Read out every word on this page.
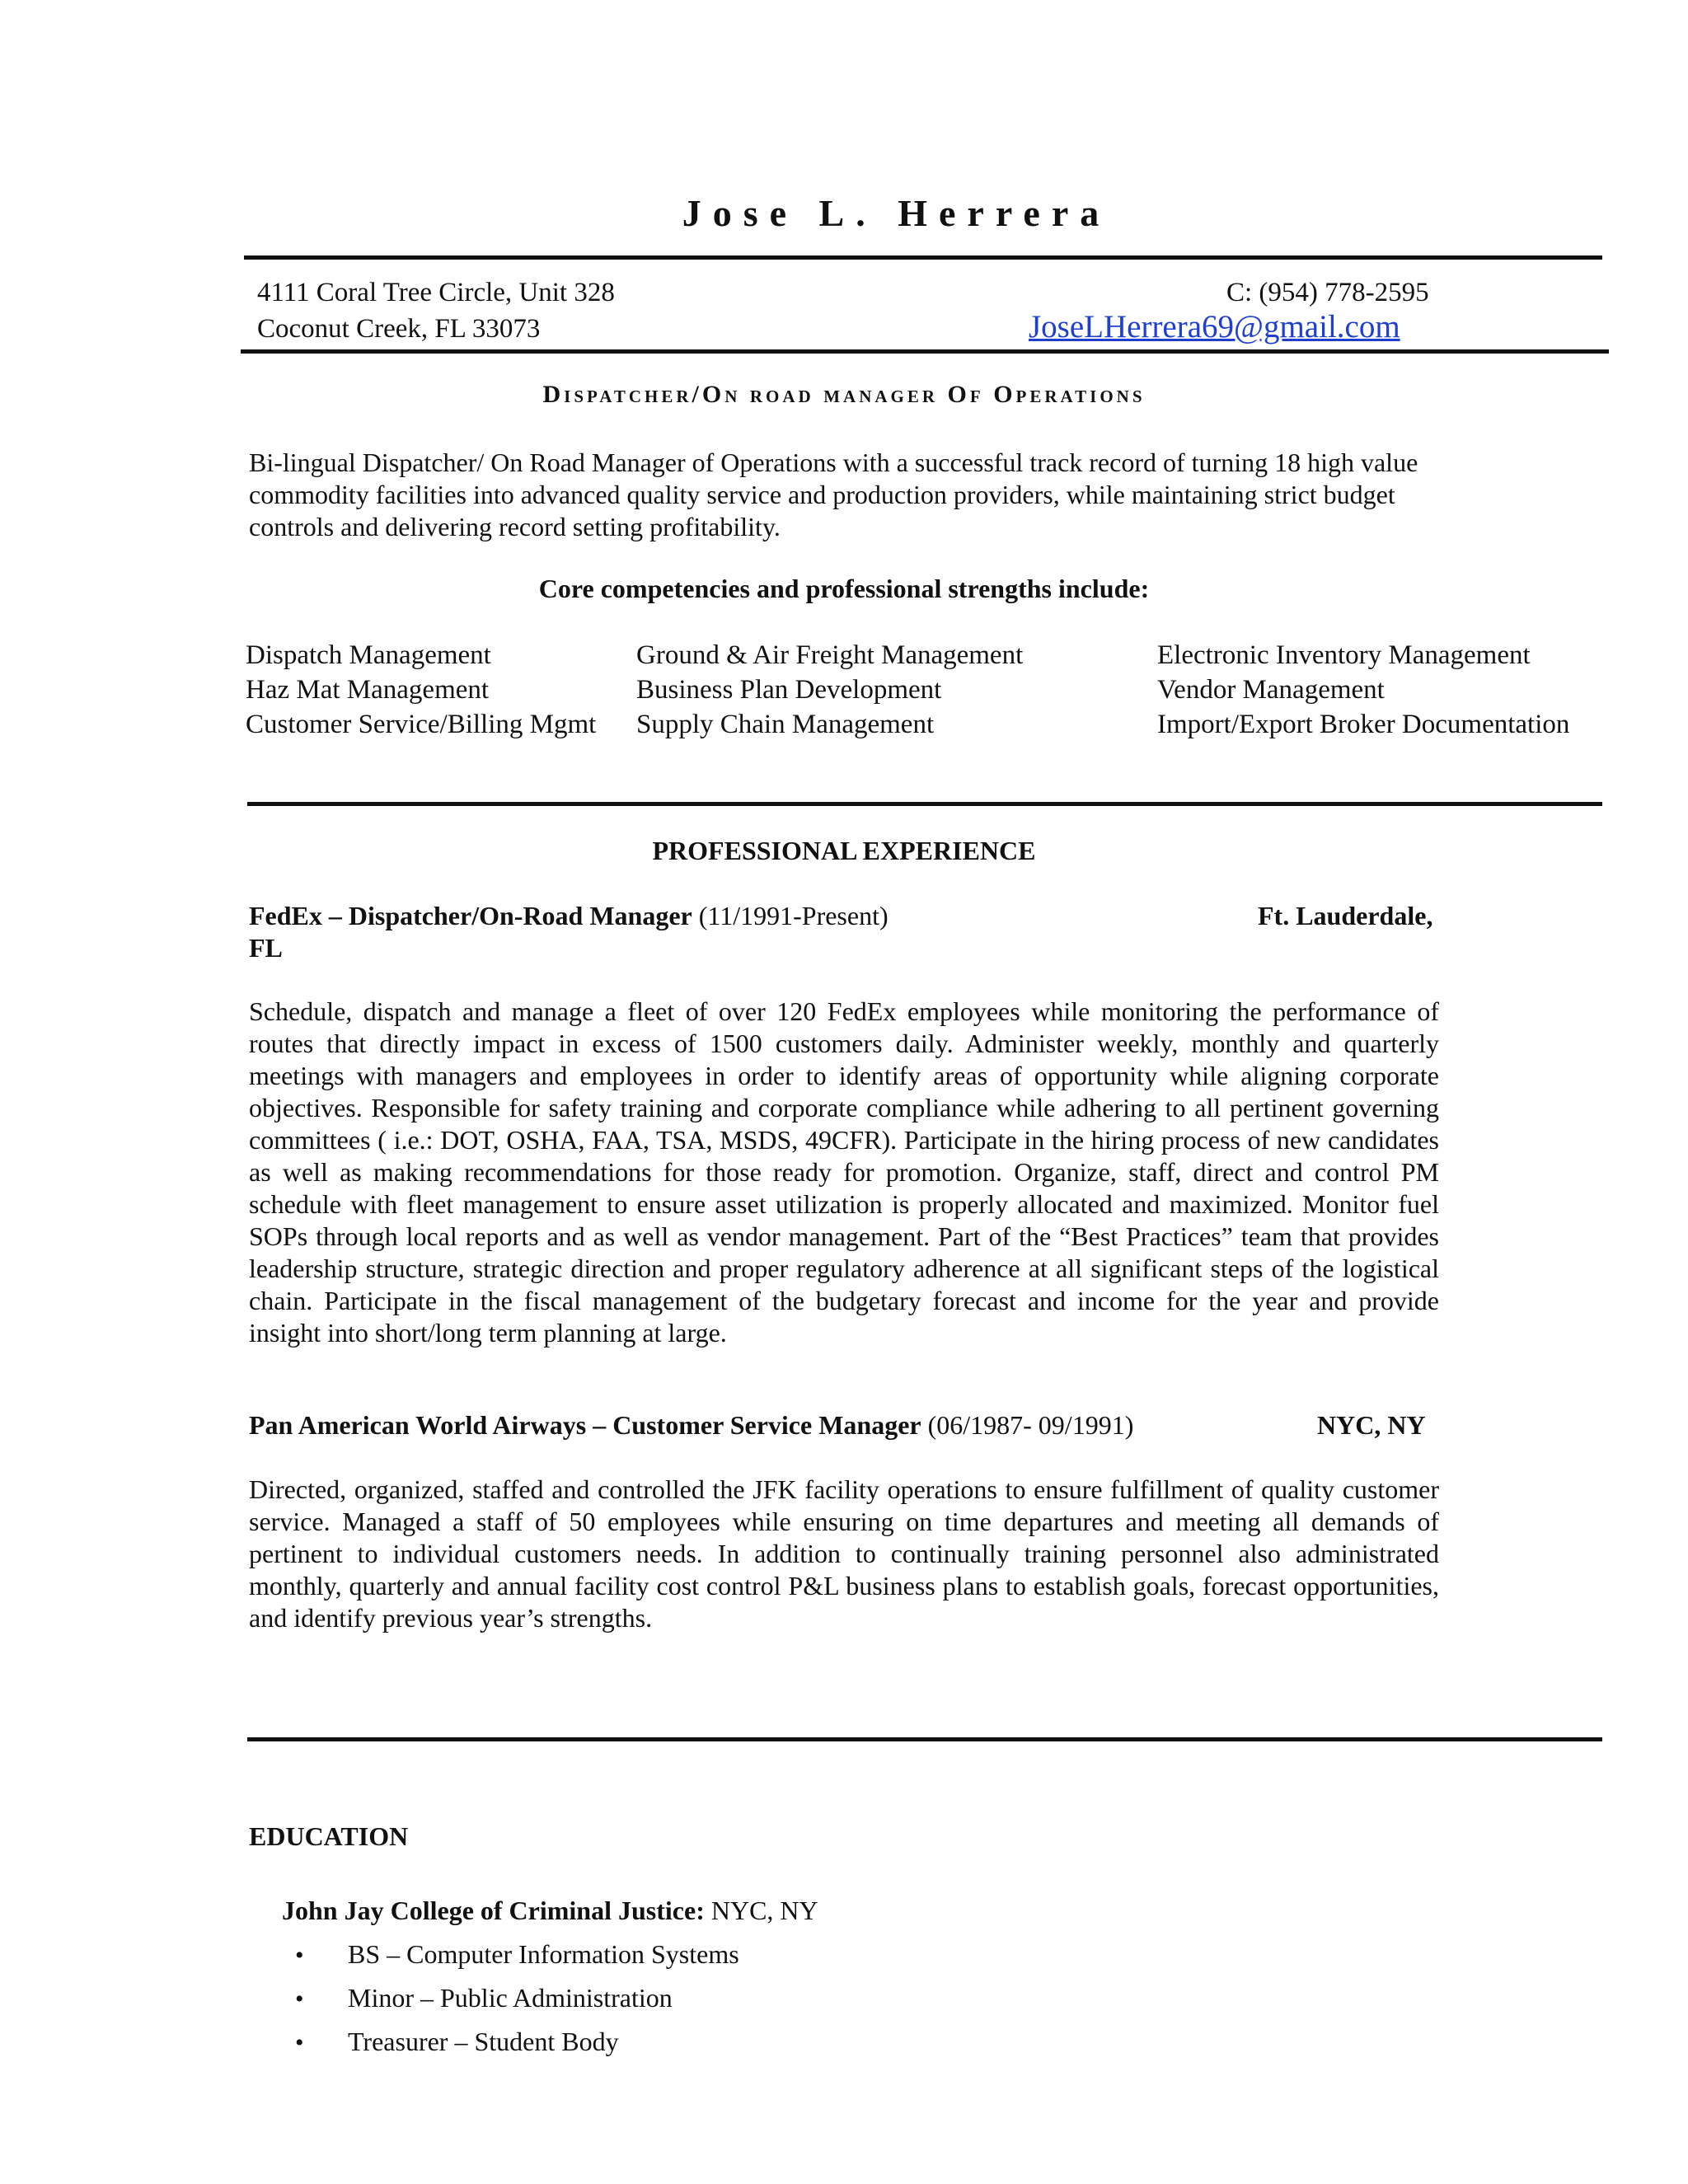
Jose L. Herrera
4111 Coral Tree Circle, Unit 328
Coconut Creek, FL 33073
C: (954) 778-2595
JoseLHerrera69@gmail.com
Dispatcher/On road manager Of Operations
Bi-lingual Dispatcher/ On Road Manager of Operations with a successful track record of turning 18 high value commodity facilities into advanced quality service and production providers, while maintaining strict budget controls and delivering record setting profitability.
Core competencies and professional strengths include:
Dispatch Management
Haz Mat Management
Customer Service/Billing Mgmt
Ground & Air Freight Management
Business Plan Development
Supply Chain Management
Electronic Inventory Management
Vendor Management
Import/Export Broker Documentation
PROFESSIONAL EXPERIENCE
FedEx – Dispatcher/On-Road Manager (11/1991-Present)	Ft. Lauderdale,
FL
Schedule, dispatch and manage a fleet of over 120 FedEx employees while monitoring the performance of routes that directly impact in excess of 1500 customers daily. Administer weekly, monthly and quarterly meetings with managers and employees in order to identify areas of opportunity while aligning corporate objectives. Responsible for safety training and corporate compliance while adhering to all pertinent governing committees ( i.e.: DOT, OSHA, FAA, TSA, MSDS, 49CFR). Participate in the hiring process of new candidates as well as making recommendations for those ready for promotion. Organize, staff, direct and control PM schedule with fleet management to ensure asset utilization is properly allocated and maximized. Monitor fuel SOPs through local reports and as well as vendor management. Part of the “Best Practices” team that provides leadership structure, strategic direction and proper regulatory adherence at all significant steps of the logistical chain. Participate in the fiscal management of the budgetary forecast and income for the year and provide insight into short/long term planning at large.
Pan American World Airways – Customer Service Manager (06/1987- 09/1991)	NYC, NY
Directed, organized, staffed and controlled the JFK facility operations to ensure fulfillment of quality customer service. Managed a staff of 50 employees while ensuring on time departures and meeting all demands of pertinent to individual customers needs. In addition to continually training personnel also administrated monthly, quarterly and annual facility cost control P&L business plans to establish goals, forecast opportunities, and identify previous year’s strengths.
EDUCATION
John Jay College of Criminal Justice: NYC, NY
• BS – Computer Information Systems
• Minor – Public Administration
• Treasurer – Student Body
